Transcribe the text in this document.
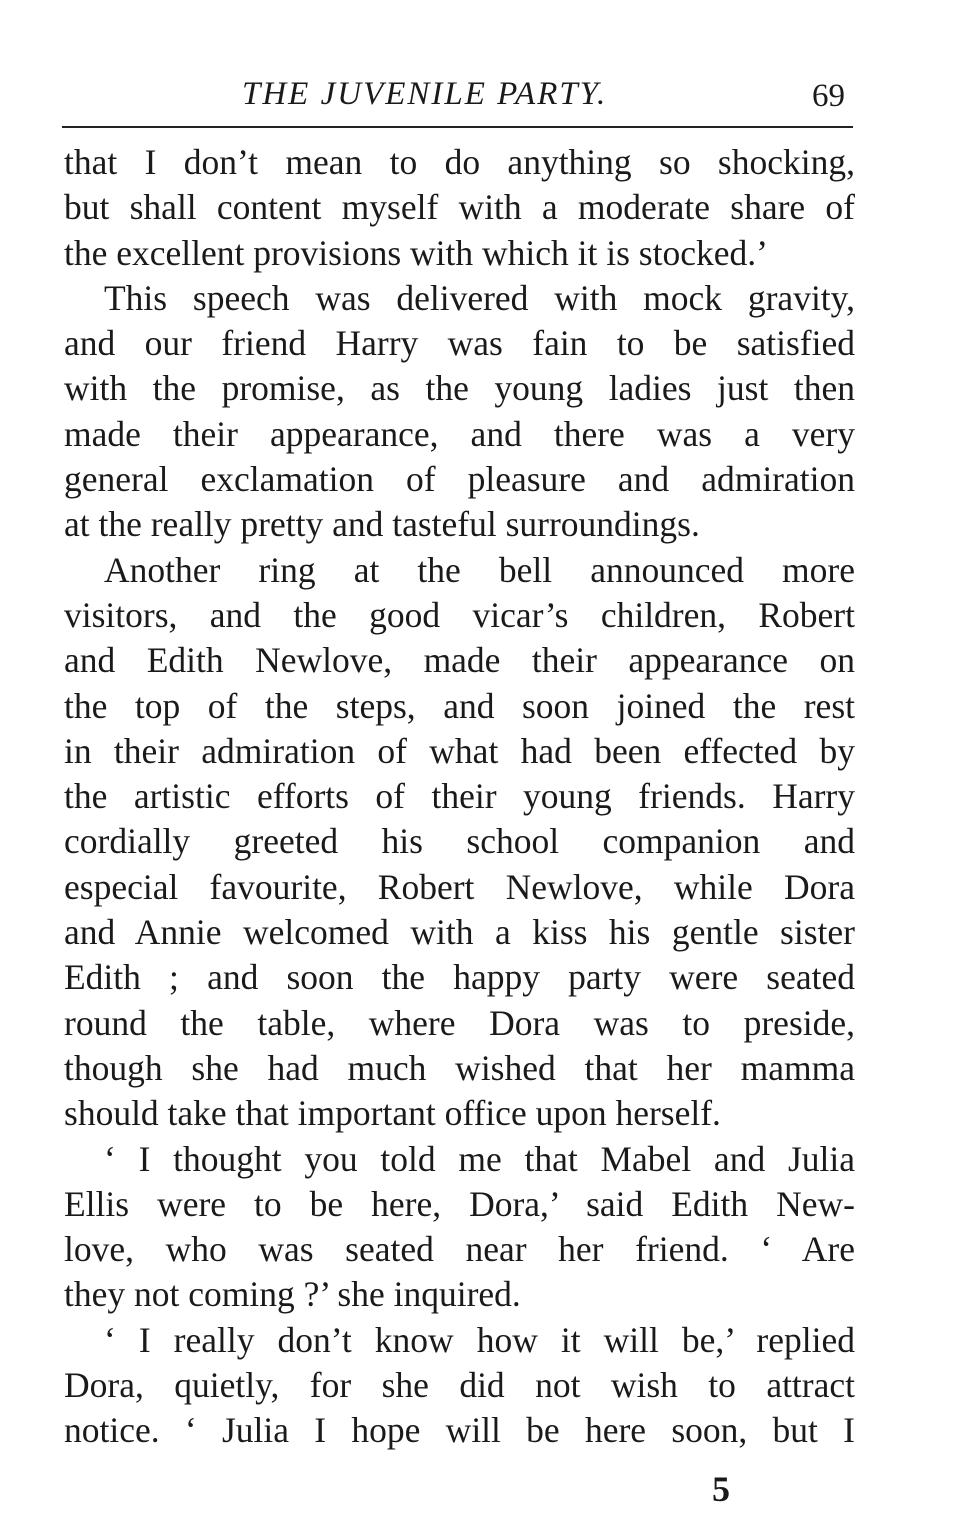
THE JUVENILE PARTY.	69
that I don’t mean to do anything so shocking,
but shall content myself with a moderate share of
the excellent provisions with which it is stocked.’
This speech was delivered with mock gravity,
and our friend Harry was fain to be satisfied
with the promise, as the young ladies just then
made their appearance, and there was a very
general exclamation of pleasure and admiration
at the really pretty and tasteful surroundings.
Another ring at the bell announced more
visitors, and the good vicar’s children, Robert
and Edith Newlove, made their appearance on
the top of the steps, and soon joined the rest
in their admiration of what had been effected by
the artistic efforts of their young friends. Harry
cordially greeted his school companion and
especial favourite, Robert Newlove, while Dora
and Annie welcomed with a kiss his gentle sister
Edith ; and soon the happy party were seated
round the table, where Dora was to preside,
though she had much wished that her mamma
should take that important office upon herself.
‘ I thought you told me that Mabel and Julia
Ellis were to be here, Dora,’ said Edith New-
love, who was seated near her friend. ‘ Are
they not coming ?’ she inquired.
‘ I really don’t know how it will be,’ replied
Dora, quietly, for she did not wish to attract
notice. ‘ Julia I hope will be here soon, but I
5
